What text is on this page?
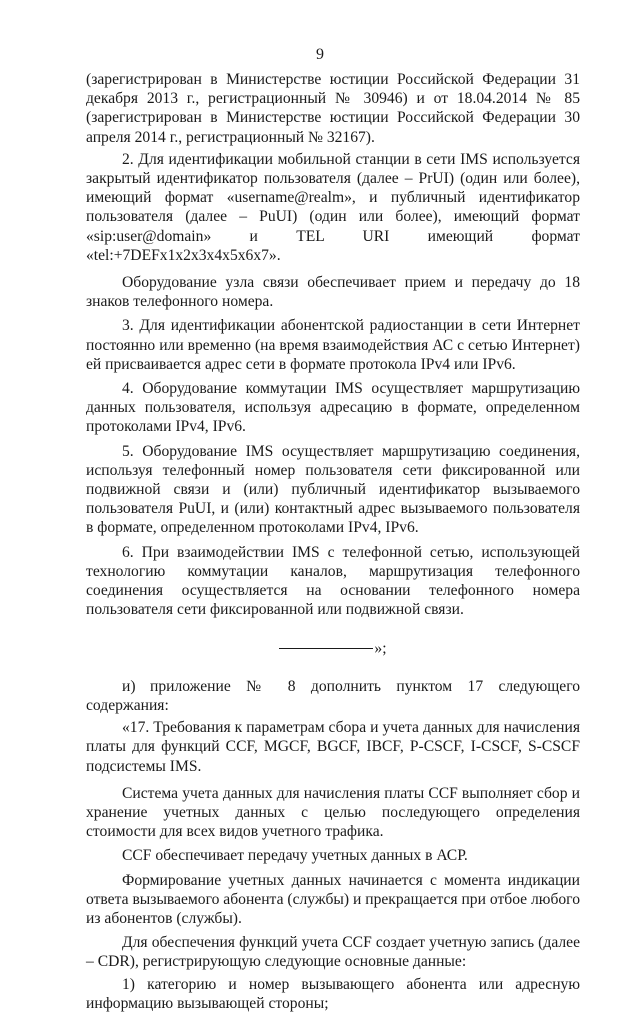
9

(зарегистрирован в Министерстве юстиции Российской Федерации 31 декабря 2013 г., регистрационный № 30946) и от 18.04.2014 № 85 (зарегистрирован в Министерстве юстиции Российской Федерации 30 апреля 2014 г., регистрационный № 32167).

2. Для идентификации мобильной станции в сети IMS используется закрытый идентификатор пользователя (далее – PrUI) (один или более), имеющий формат «username@realm», и публичный идентификатор пользователя (далее – PuUI) (один или более), имеющий формат «sip:user@domain» и TEL URI имеющий формат «tel:+7DEFx1x2x3x4x5x6x7».

Оборудование узла связи обеспечивает прием и передачу до 18 знаков телефонного номера.

3. Для идентификации абонентской радиостанции в сети Интернет постоянно или временно (на время взаимодействия АС с сетью Интернет) ей присваивается адрес сети в формате протокола IPv4 или IPv6.

4. Оборудование коммутации IMS осуществляет маршрутизацию данных пользователя, используя адресацию в формате, определенном протоколами IPv4, IPv6.

5. Оборудование IMS осуществляет маршрутизацию соединения, используя телефонный номер пользователя сети фиксированной или подвижной связи и (или) публичный идентификатор вызываемого пользователя PuUI, и (или) контактный адрес вызываемого пользователя в формате, определенном протоколами IPv4, IPv6.

6. При взаимодействии IMS с телефонной сетью, использующей технологию коммутации каналов, маршрутизация телефонного соединения осуществляется на основании телефонного номера пользователя сети фиксированной или подвижной связи.

»;

и) приложение № 8 дополнить пунктом 17 следующего содержания:

«17. Требования к параметрам сбора и учета данных для начисления платы для функций CCF, MGCF, BGCF, IBCF, P-CSCF, I-CSCF, S-CSCF подсистемы IMS.

Система учета данных для начисления платы CCF выполняет сбор и хранение учетных данных с целью последующего определения стоимости для всех видов учетного трафика.

CCF обеспечивает передачу учетных данных в АСР.

Формирование учетных данных начинается с момента индикации ответа вызываемого абонента (службы) и прекращается при отбое любого из абонентов (службы).

Для обеспечения функций учета CCF создает учетную запись (далее – CDR), регистрирующую следующие основные данные:

1) категорию и номер вызывающего абонента или адресную информацию вызывающей стороны;
